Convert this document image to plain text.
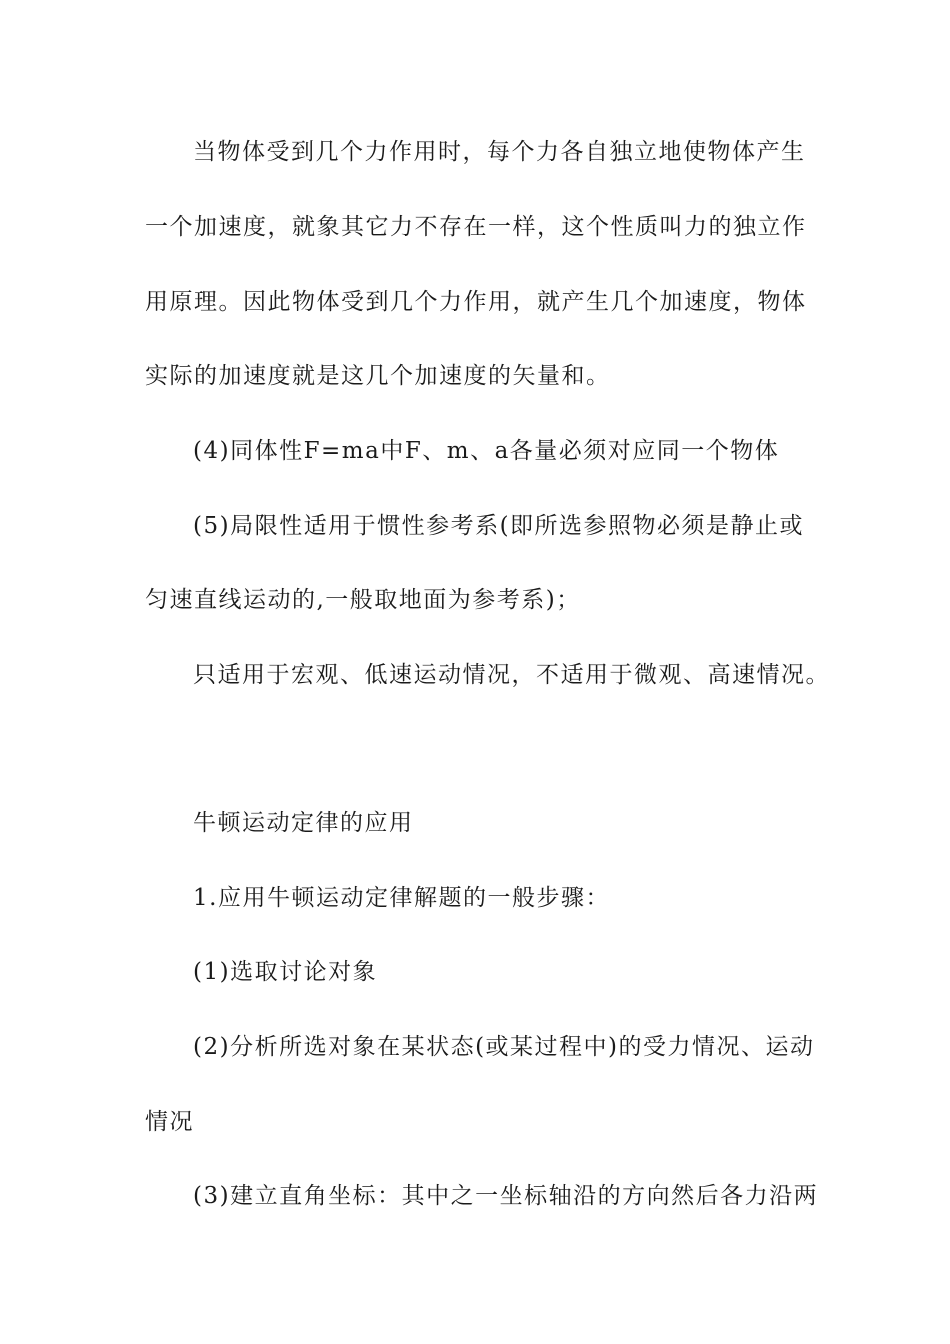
当物体受到几个力作用时，每个力各自独立地使物体产生
一个加速度，就象其它力不存在一样，这个性质叫力的独立作
用原理。因此物体受到几个力作用，就产生几个加速度，物体
实际的加速度就是这几个加速度的矢量和。
(4)同体性F=ma中F、m、a各量必须对应同一个物体
(5)局限性适用于惯性参考系(即所选参照物必须是静止或
匀速直线运动的,一般取地面为参考系)；
只适用于宏观、低速运动情况，不适用于微观、高速情况。
牛顿运动定律的应用
1.应用牛顿运动定律解题的一般步骤：
(1)选取讨论对象
(2)分析所选对象在某状态(或某过程中)的受力情况、运动
情况
(3)建立直角坐标：其中之一坐标轴沿的方向然后各力沿两
